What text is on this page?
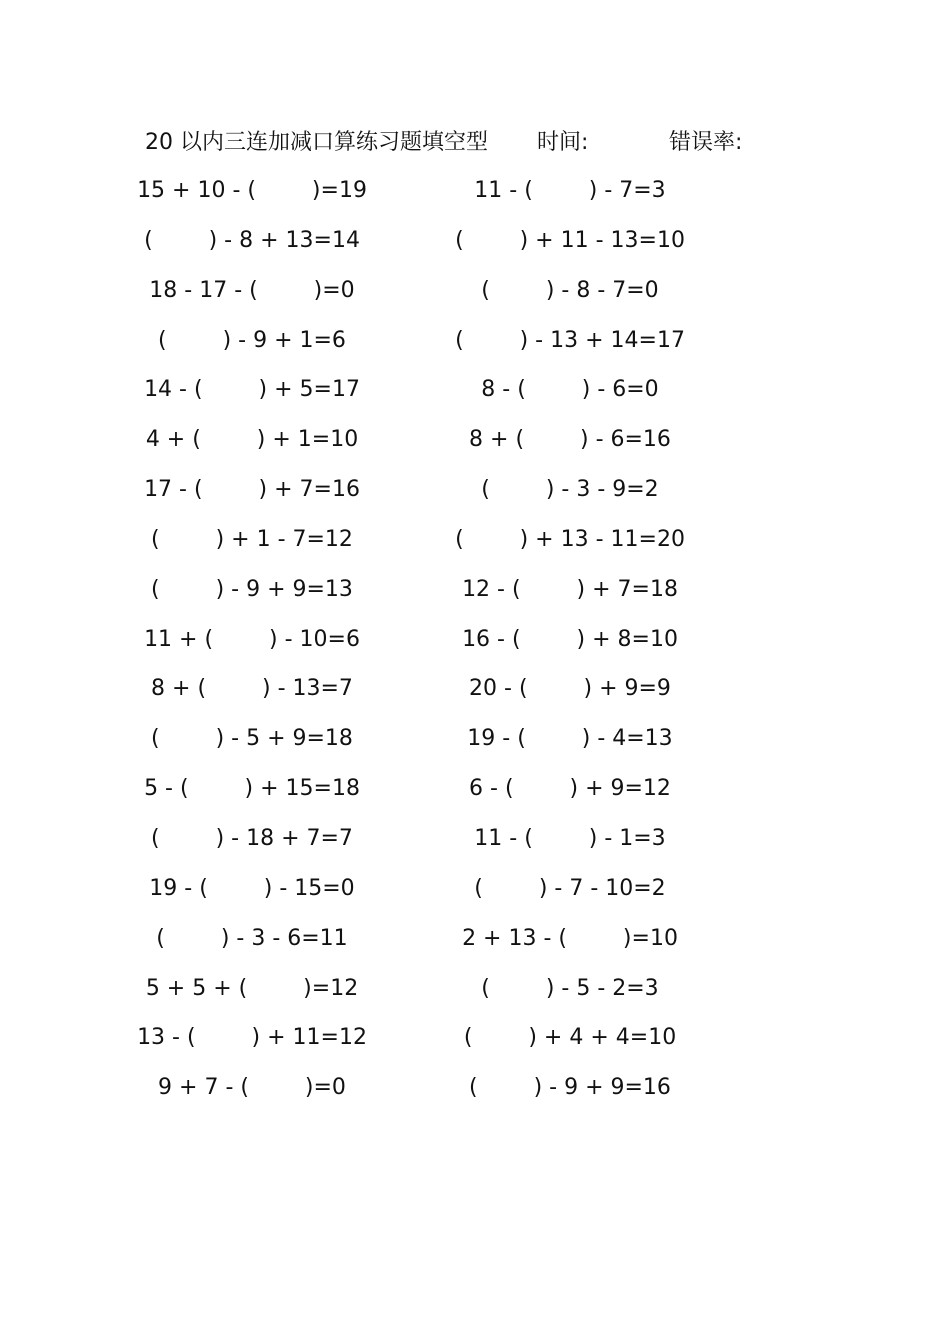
20 以内三连加减口算练习题填空型 时间:	错误率:
15 + 10 - (        )=19	11 - (        ) - 7=3
(        ) - 8 + 13=14	(        ) + 11 - 13=10
18 - 17 - (        )=0	(        ) - 8 - 7=0
(        ) - 9 + 1=6	(        ) - 13 + 14=17
14 - (        ) + 5=17	8 - (        ) - 6=0
4 + (        ) + 1=10	8 + (        ) - 6=16
17 - (        ) + 7=16	(        ) - 3 - 9=2
(        ) + 1 - 7=12	(        ) + 13 - 11=20
(        ) - 9 + 9=13	12 - (        ) + 7=18
11 + (        ) - 10=6	16 - (        ) + 8=10
8 + (        ) - 13=7	20 - (        ) + 9=9
(        ) - 5 + 9=18	19 - (        ) - 4=13
5 - (        ) + 15=18	6 - (        ) + 9=12
(        ) - 18 + 7=7	11 - (        ) - 1=3
19 - (        ) - 15=0	(        ) - 7 - 10=2
(        ) - 3 - 6=11	2 + 13 - (        )=10
5 + 5 + (        )=12	(        ) - 5 - 2=3
13 - (        ) + 11=12	(        ) + 4 + 4=10
9 + 7 - (        )=0	(        ) - 9 + 9=16
